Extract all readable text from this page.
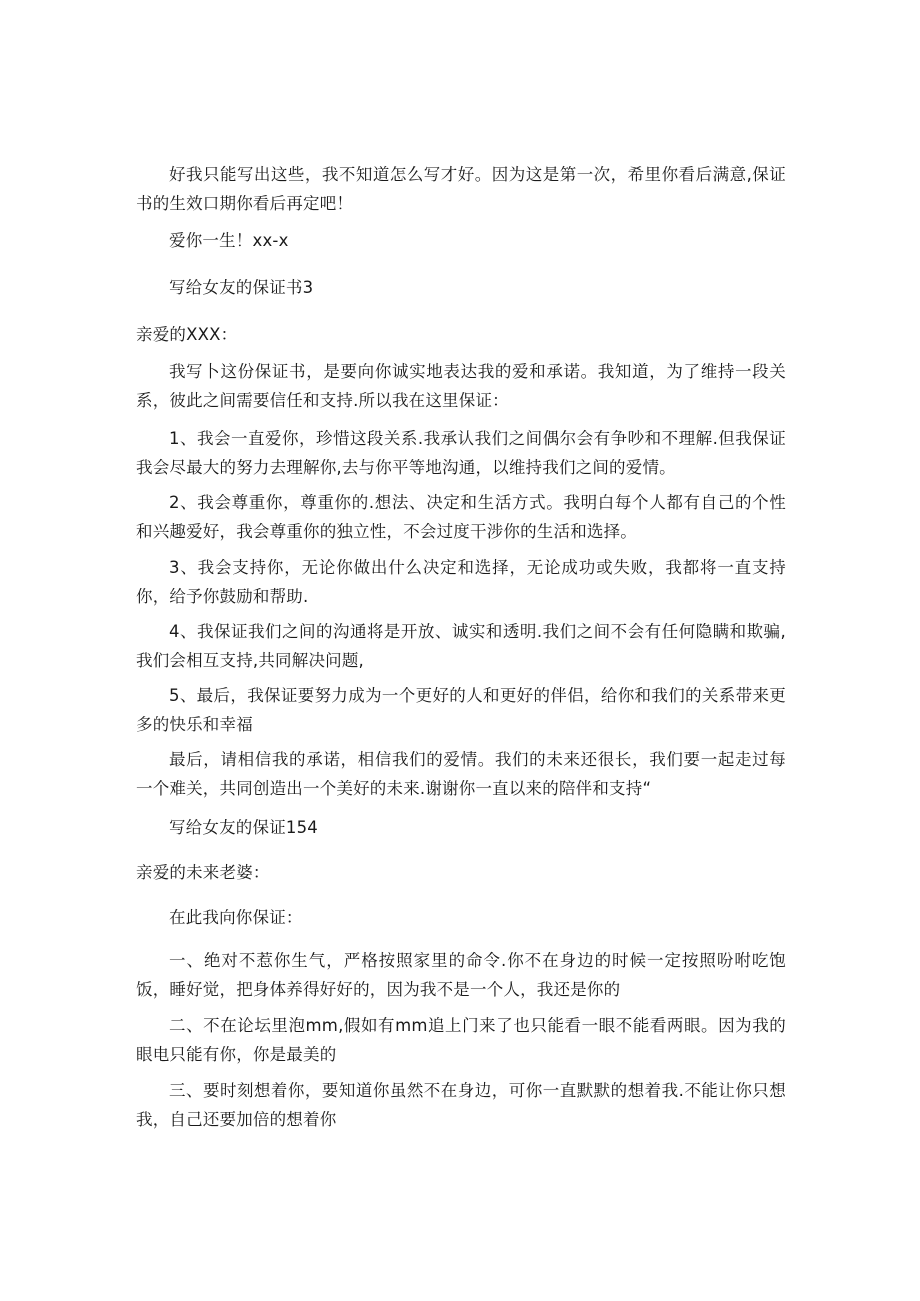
好我只能写出这些，我不知道怎么写才好。因为这是第一次，希里你看后满意,保证书的生效口期你看后再定吧！

爱你一生！xx-x

写给女友的保证书3

亲爱的XXX：

我写卜这份保证书，是要向你诚实地表达我的爱和承诺。我知道，为了维持一段关系，彼此之间需要信任和支持.所以我在这里保证：

1、我会一直爱你，珍惜这段关系.我承认我们之间偶尔会有争吵和不理解.但我保证我会尽最大的努力去理解你,去与你平等地沟通，以维持我们之间的爱情。

2、我会尊重你，尊重你的.想法、决定和生活方式。我明白每个人都有自己的个性和兴趣爱好，我会尊重你的独立性，不会过度干涉你的生活和选择。

3、我会支持你，无论你做出什么决定和选择，无论成功或失败，我都将一直支持你，给予你鼓励和帮助.

4、我保证我们之间的沟通将是开放、诚实和透明.我们之间不会有任何隐瞒和欺骗,我们会相互支持,共同解决问题,

5、最后，我保证要努力成为一个更好的人和更好的伴侣，给你和我们的关系带来更多的快乐和幸福

最后，请相信我的承诺，相信我们的爱情。我们的未来还很长，我们要一起走过每一个难关，共同创造出一个美好的未来.谢谢你一直以来的陪伴和支持“

写给女友的保证154

亲爱的未来老婆：

在此我向你保证：

一、绝对不惹你生气，严格按照家里的命令.你不在身边的时候一定按照吩咐吃饱饭，睡好觉，把身体养得好好的，因为我不是一个人，我还是你的

二、不在论坛里泡mm,假如有mm追上门来了也只能看一眼不能看两眼。因为我的眼电只能有你，你是最美的

三、要时刻想着你，要知道你虽然不在身边，可你一直默默的想着我.不能让你只想我，自己还要加倍的想着你
